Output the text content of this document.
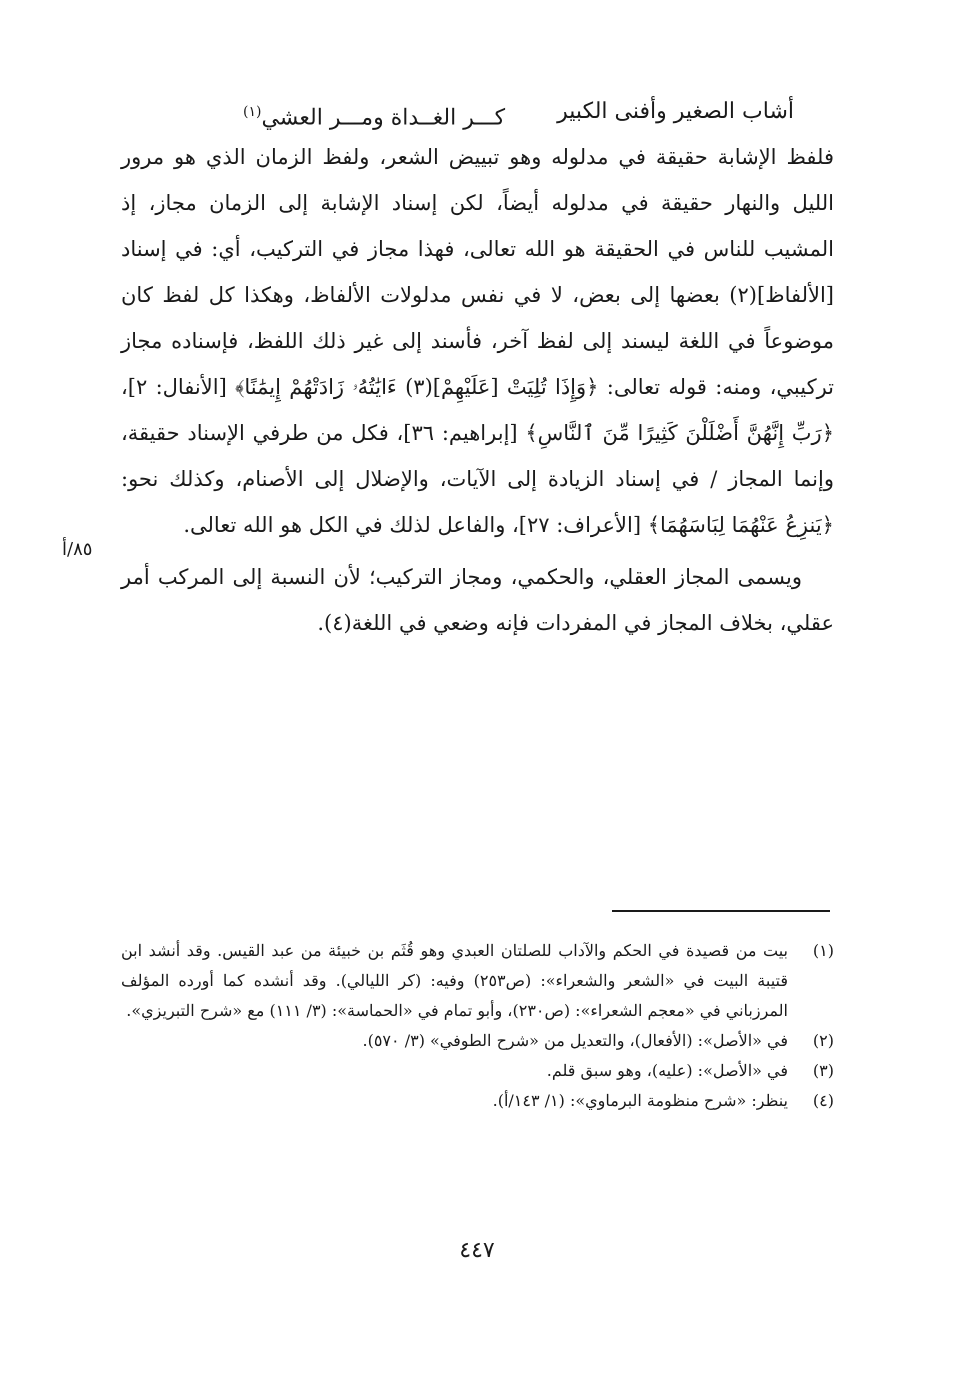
أشاب الصغير وأفنى الكبير
كـــر الغــداة ومـــر العشي$^{(١)}$

فلفظ الإشابة حقيقة في مدلوله وهو تبييض الشعر، ولفظ الزمان الذي هو مرور الليل والنهار حقيقة في مدلوله أيضاً، لكن إسناد الإشابة إلى الزمان مجاز، إذ المشيب للناس في الحقيقة هو الله تعالى، فهذا مجاز في التركيب، أي: في إسناد [الألفاظ](٢) بعضها إلى بعض، لا في نفس مدلولات الألفاظ، وهكذا كل لفظ كان موضوعاً في اللغة ليسند إلى لفظ آخر، فأسند إلى غير ذلك اللفظ، فإسناده مجاز تركيبي، ومنه: قوله تعالى: ﴿وَإِذَا تُلِيَتْ [عَلَيْهِمْ](٣) ءَايَٰتُهُۥ زَادَتْهُمْ إِيمَٰنًا﴾ [الأنفال: ٢]، ﴿رَبِّ إِنَّهُنَّ أَضْلَلْنَ كَثِيرًا مِّنَ ٱلنَّاسِ﴾ [إبراهيم: ٣٦]، فكل من طرفي الإسناد حقيقة، وإنما المجاز / في إسناد الزيادة إلى الآيات، والإضلال إلى الأصنام، وكذلك نحو: ﴿يَنزِعُ عَنْهُمَا لِبَاسَهُمَا﴾ [الأعراف: ٢٧]، والفاعل لذلك في الكل هو الله تعالى.

ويسمى المجاز العقلي، والحكمي، ومجاز التركيب؛ لأن النسبة إلى المركب أمر عقلي، بخلاف المجاز في المفردات فإنه وضعي في اللغة(٤).

٨٥/أ
(١)
بيت من قصيدة في الحكم والآداب للصلتان العبدي وهو قُثَم بن خبيئة من عبد القيس. وقد أنشد ابن قتيبة البيت في «الشعر والشعراء»: (ص٢٥٣) وفيه: (كر الليالي). وقد أنشده كما أورده المؤلف المرزباني في «معجم الشعراء»: (ص٢٣٠)، وأبو تمام في «الحماسة»: (٣/ ١١١) مع «شرح التبريزي».
(٢)
في «الأصل»: (الأفعال)، والتعديل من «شرح الطوفي» (٣/ ٥٧٠).
(٣)
في «الأصل»: (عليه)، وهو سبق قلم.
(٤)
ينظر: «شرح منظومة البرماوي»: (١/ ١٤٣/أ).
٤٤٧
